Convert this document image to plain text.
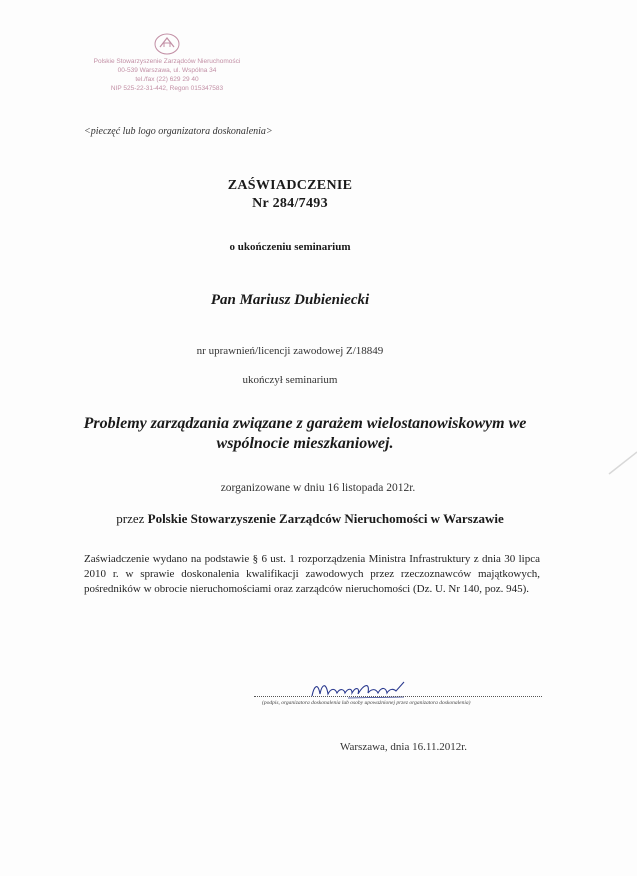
Polskie Stowarzyszenie Zarządców Nieruchomości
00-539 Warszawa, ul. Wspólna 34
tel./fax (22) 629 29 40
NIP 525-22-31-442, Regon 015347583
<pieczęć lub logo organizatora doskonalenia>
ZAŚWIADCZENIE
Nr 284/7493
o ukończeniu seminarium
Pan Mariusz Dubieniecki
nr uprawnień/licencji zawodowej Z/18849
ukończył seminarium
Problemy zarządzania związane z garażem wielostanowiskowym we wspólnocie mieszkaniowej.
zorganizowane w dniu 16 listopada 2012r.
przez Polskie Stowarzyszenie Zarządców Nieruchomości w Warszawie
Zaświadczenie wydano na podstawie § 6 ust. 1 rozporządzenia Ministra Infrastruktury z dnia 30 lipca 2010 r. w sprawie doskonalenia kwalifikacji zawodowych przez rzeczoznawców majątkowych, pośredników w obrocie nieruchomościami oraz zarządców nieruchomości (Dz. U. Nr 140, poz. 945).
(podpis, organizatora doskonalenia lub osoby upoważnionej przez organizatora doskonalenia)
Warszawa, dnia 16.11.2012r.
